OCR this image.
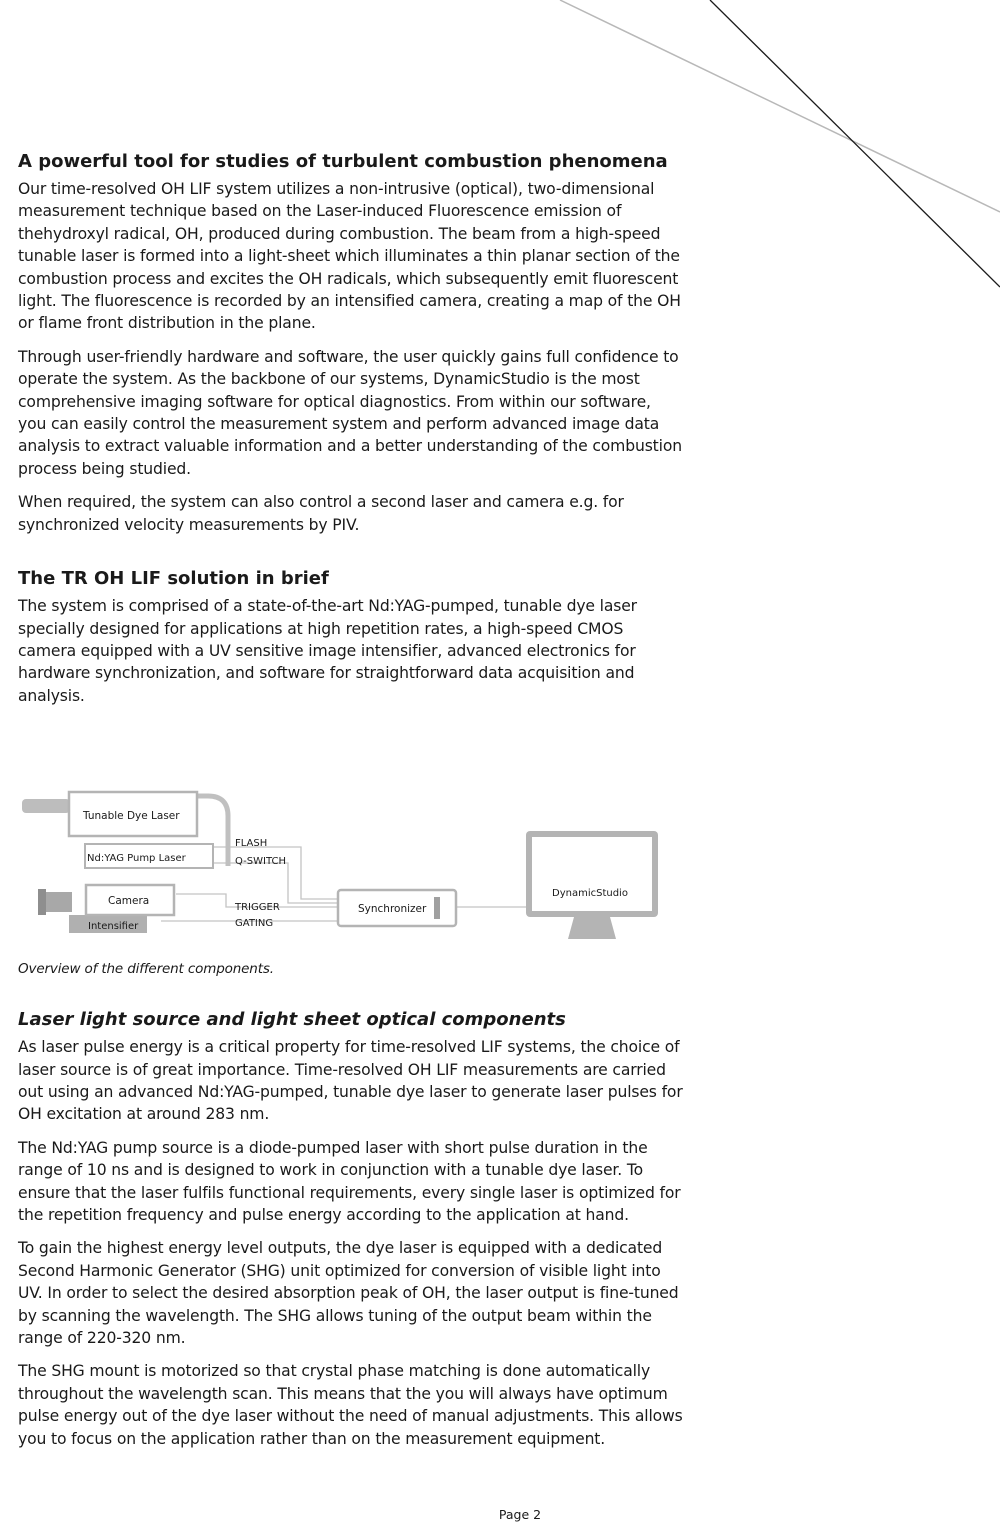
A powerful tool for studies of turbulent combustion phenomena

Our time-resolved OH LIF system utilizes a non-intrusive (optical), two-dimensional measurement technique based on the Laser-induced Fluorescence emission of thehydroxyl radical, OH, produced during combustion. The beam from a high-speed tunable laser is formed into a light-sheet which illuminates a thin planar section of the combustion process and excites the OH radicals, which subsequently emit fluorescent light. The fluorescence is recorded by an intensified camera, creating a map of the OH or flame front distribution in the plane.

Through user-friendly hardware and software, the user quickly gains full confidence to operate the system. As the backbone of our systems, DynamicStudio is the most comprehensive imaging software for optical diagnostics. From within our software, you can easily control the measurement system and perform advanced image data analysis to extract valuable information and a better understanding of the combustion process being studied.

When required, the system can also control a second laser and camera e.g. for synchronized velocity measurements by PIV.

The TR OH LIF solution in brief

The system is comprised of a state-of-the-art Nd:YAG-pumped, tunable dye laser specially designed for applications at high repetition rates, a high-speed CMOS camera equipped with a UV sensitive image intensifier, advanced electronics for hardware synchronization, and software for straightforward data acquisition and analysis.

Tunable Dye Laser
Nd:YAG Pump Laser
Intensifier
Camera
FLASH
Q-SWITCH
TRIGGER
GATING
Synchronizer
DynamicStudio

Overview of the different components.

Laser light source and light sheet optical components

As laser pulse energy is a critical property for time-resolved LIF systems, the choice of laser source is of great importance. Time-resolved OH LIF measurements are carried out using an advanced Nd:YAG-pumped, tunable dye laser to generate laser pulses for OH excitation at around 283 nm.

The Nd:YAG pump source is a diode-pumped laser with short pulse duration in the range of 10 ns and is designed to work in conjunction with a tunable dye laser. To ensure that the laser fulfils functional requirements, every single laser is optimized for the repetition frequency and pulse energy according to the application at hand.

To gain the highest energy level outputs, the dye laser is equipped with a dedicated Second Harmonic Generator (SHG) unit optimized for conversion of visible light into UV. In order to select the desired absorption peak of OH, the laser output is fine-tuned by scanning the wavelength. The SHG allows tuning of the output beam within the range of 220-320 nm.

The SHG mount is motorized so that crystal phase matching is done automatically throughout the wavelength scan. This means that the you will always have optimum pulse energy out of the dye laser without the need of manual adjustments. This allows you to focus on the application rather than on the measurement equipment.

Page 2
